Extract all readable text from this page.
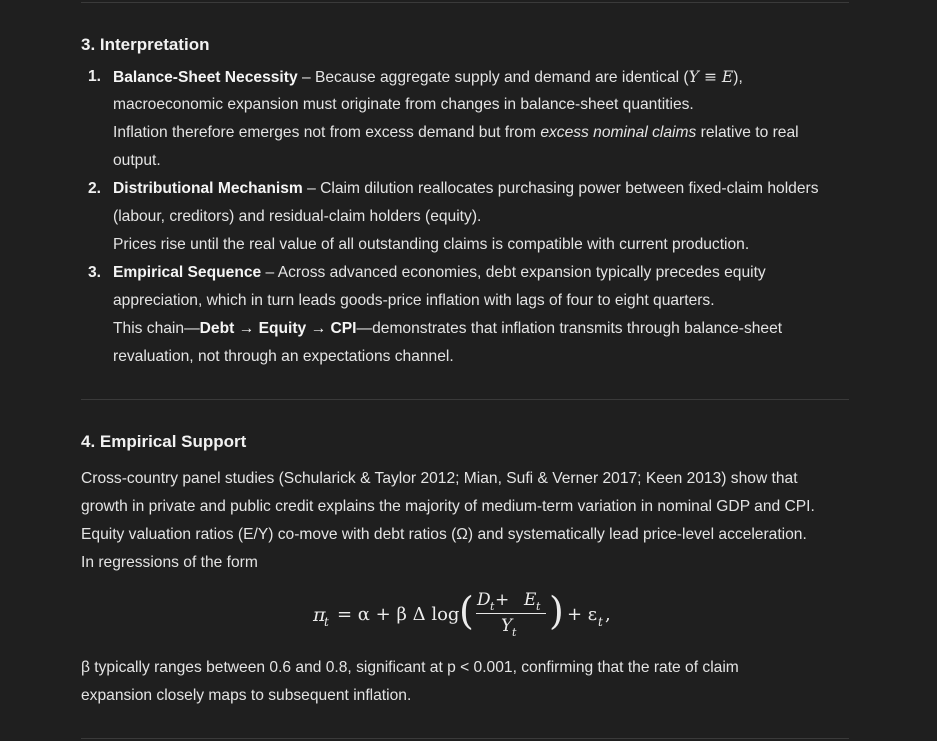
3. Interpretation
1. Balance-Sheet Necessity – Because aggregate supply and demand are identical (Y ≡ E),
macroeconomic expansion must originate from changes in balance-sheet quantities.
Inflation therefore emerges not from excess demand but from excess nominal claims relative to real
output.
2. Distributional Mechanism – Claim dilution reallocates purchasing power between fixed-claim holders
(labour, creditors) and residual-claim holders (equity).
Prices rise until the real value of all outstanding claims is compatible with current production.
3. Empirical Sequence – Across advanced economies, debt expansion typically precedes equity
appreciation, which in turn leads goods-price inflation with lags of four to eight quarters.
This chain—Debt → Equity → CPI—demonstrates that inflation transmits through balance-sheet
revaluation, not through an expectations channel.
4. Empirical Support
Cross-country panel studies (Schularick & Taylor 2012; Mian, Sufi & Verner 2017; Keen 2013) show that
growth in private and public credit explains the majority of medium-term variation in nominal GDP and CPI.
Equity valuation ratios (E/Y) co-move with debt ratios (Ω) and systematically lead price-level acceleration.
In regressions of the form
π
t = α + β Δ log ( D t + E t
Y t ) + ε t ,
β typically ranges between 0.6 and 0.8, significant at p < 0.001, confirming that the rate of claim
expansion closely maps to subsequent inflation.
